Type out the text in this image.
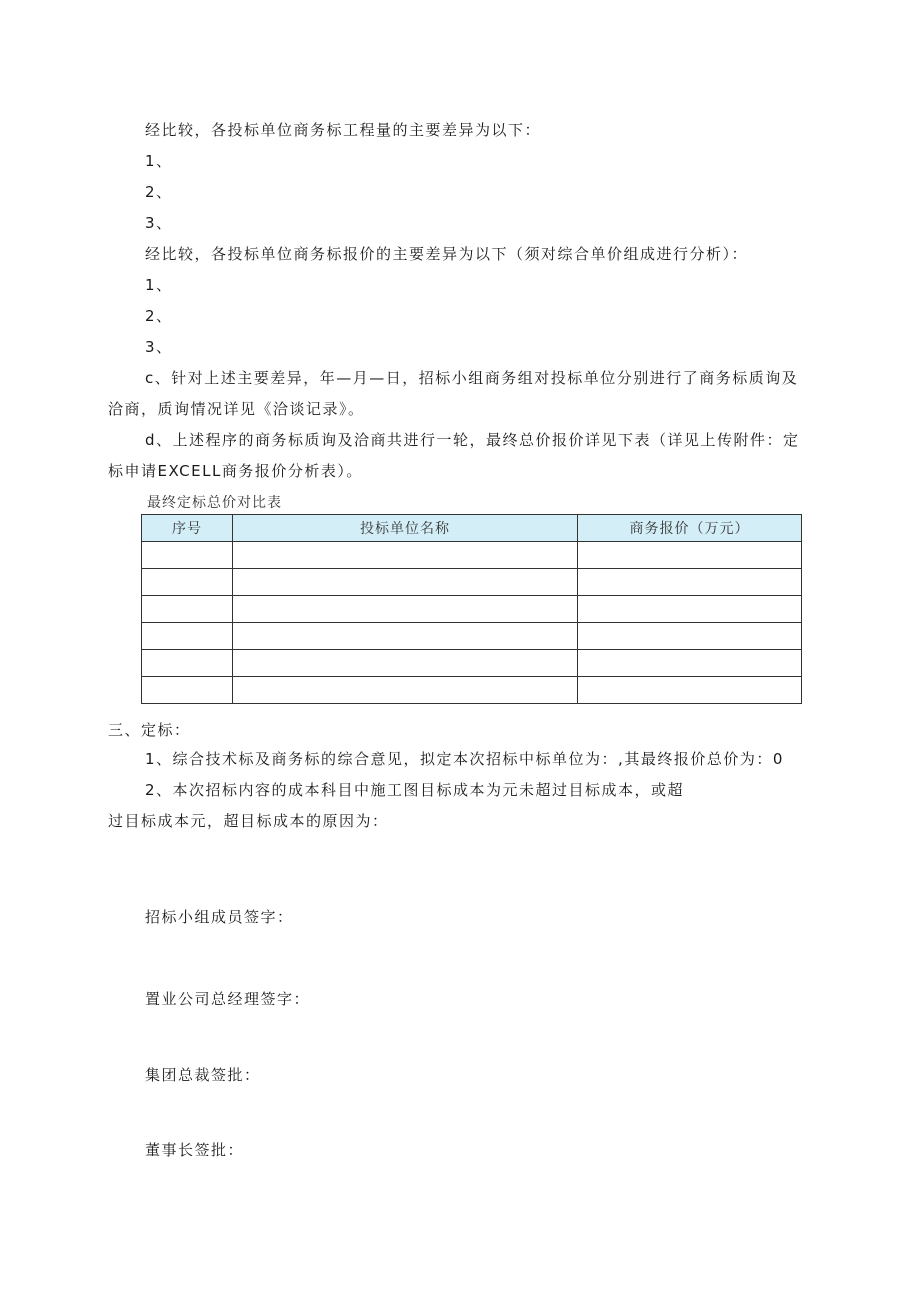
经比较，各投标单位商务标工程量的主要差异为以下：
1、
2、
3、
经比较，各投标单位商务标报价的主要差异为以下（须对综合单价组成进行分析）：
1、
2、
3、
c、针对上述主要差异，年—月—日，招标小组商务组对投标单位分别进行了商务标质询及
洽商，质询情况详见《洽谈记录》。
d、上述程序的商务标质询及洽商共进行一轮，最终总价报价详见下表（详见上传附件：定
标申请EXCELL商务报价分析表）。
最终定标总价对比表
序号	投标单位名称	商务报价（万元）

三、定标：
1、综合技术标及商务标的综合意见，拟定本次招标中标单位为：,其最终报价总价为：0
2、本次招标内容的成本科目中施工图目标成本为元未超过目标成本，或超
过目标成本元，超目标成本的原因为：
招标小组成员签字：
置业公司总经理签字：
集团总裁签批：
董事长签批：
